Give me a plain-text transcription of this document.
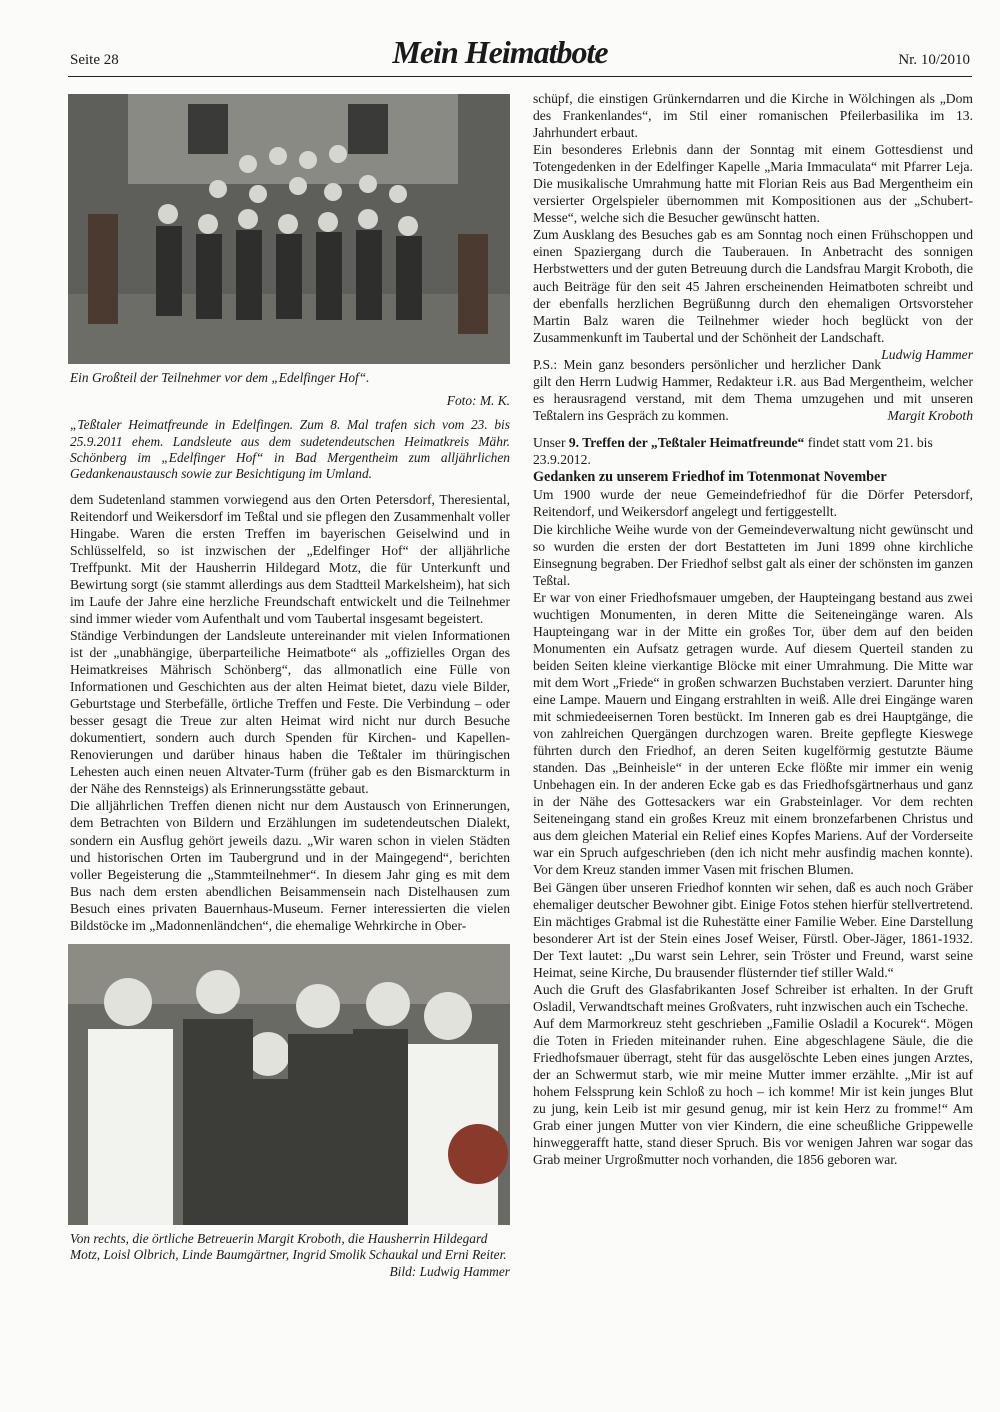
Seite 28	Mein Heimatbote	Nr. 10/2010
Ein Großteil der Teilnehmer vor dem „Edelfinger Hof“.
Foto: M. K.
„Teßtaler Heimatfreunde in Edelfingen. Zum 8. Mal trafen sich vom 23. bis 25.9.2011 ehem. Landsleute aus dem sudetendeutschen Heimatkreis Mähr. Schönberg im „Edelfinger Hof“ in Bad Mergentheim zum alljährlichen Gedankenaustausch sowie zur Besichtigung im Umland.

dem Sudetenland stammen vorwiegend aus den Orten Petersdorf, Theresiental, Reitendorf und Weikersdorf im Teßtal und sie pflegen den Zusammenhalt voller Hingabe. Waren die ersten Treffen im bayerischen Geiselwind und in Schlüsselfeld, so ist inzwischen der „Edelfinger Hof“ der alljährliche Treffpunkt. Mit der Hausherrin Hildegard Motz, die für Unterkunft und Bewirtung sorgt (sie stammt allerdings aus dem Stadtteil Markelsheim), hat sich im Laufe der Jahre eine herzliche Freundschaft entwickelt und die Teilnehmer sind immer wieder vom Aufenthalt und vom Taubertal insgesamt begeistert.

Ständige Verbindungen der Landsleute untereinander mit vielen Informationen ist der „unabhängige, überparteiliche Heimatbote“ als „offizielles Organ des Heimatkreises Mährisch Schönberg“, das allmonatlich eine Fülle von Informationen und Geschichten aus der alten Heimat bietet, dazu viele Bilder, Geburtstage und Sterbefälle, örtliche Treffen und Feste. Die Verbindung – oder besser gesagt die Treue zur alten Heimat wird nicht nur durch Besuche dokumentiert, sondern auch durch Spenden für Kirchen- und Kapellen-Renovierungen und darüber hinaus haben die Teßtaler im thüringischen Lehesten auch einen neuen Altvater-Turm (früher gab es den Bismarckturm in der Nähe des Rennsteigs) als Erinnerungsstätte gebaut.

Die alljährlichen Treffen dienen nicht nur dem Austausch von Erinnerungen, dem Betrachten von Bildern und Erzählungen im sudetendeutschen Dialekt, sondern ein Ausflug gehört jeweils dazu. „Wir waren schon in vielen Städten und historischen Orten im Taubergrund und in der Maingegend“, berichten voller Begeisterung die „Stammteilnehmer“. In diesem Jahr ging es mit dem Bus nach dem ersten abendlichen Beisammensein nach Distelhausen zum Besuch eines privaten Bauernhaus-Museum. Ferner interessierten die vielen Bildstöcke im „Madonnenländchen“, die ehemalige Wehrkirche in Ober-

Von rechts, die örtliche Betreuerin Margit Kroboth, die Hausherrin Hildegard Motz, Loisl Olbrich, Linde Baumgärtner, Ingrid Smolik Schaukal und Erni Reiter.
Bild: Ludwig Hammer

schüpf, die einstigen Grünkerndarren und die Kirche in Wölchingen als „Dom des Frankenlandes“, im Stil einer romanischen Pfeilerbasilika im 13. Jahrhundert erbaut.

Ein besonderes Erlebnis dann der Sonntag mit einem Gottesdienst und Totengedenken in der Edelfinger Kapelle „Maria Immaculata“ mit Pfarrer Leja. Die musikalische Umrahmung hatte mit Florian Reis aus Bad Mergentheim ein versierter Orgelspieler übernommen mit Kompositionen aus der „Schubert-Messe“, welche sich die Besucher gewünscht hatten.

Zum Ausklang des Besuches gab es am Sonntag noch einen Frühschoppen und einen Spaziergang durch die Tauberauen. In Anbetracht des sonnigen Herbstwetters und der guten Betreuung durch die Landsfrau Margit Kroboth, die auch Beiträge für den seit 45 Jahren erscheinenden Heimatboten schreibt und der ebenfalls herzlichen Begrüßunng durch den ehemaligen Ortsvorsteher Martin Balz waren die Teilnehmer wieder hoch beglückt von der Zusammenkunft im Taubertal und der Schönheit der Landschaft.
Ludwig Hammer

P.S.: Mein ganz besonders persönlicher und herzlicher Dank gilt den Herrn Ludwig Hammer, Redakteur i.R. aus Bad Mergentheim, welcher es herausragend verstand, mit dem Thema umzugehen und mit unseren Teßtalern ins Gespräch zu kommen.	Margit Kroboth
Unser 9. Treffen der „Teßtaler Heimatfreunde“ findet statt vom 21. bis 23.9.2012.
Gedanken zu unserem Friedhof im Totenmonat November

Um 1900 wurde der neue Gemeindefriedhof für die Dörfer Petersdorf, Reitendorf, und Weikersdorf angelegt und fertiggestellt.

Die kirchliche Weihe wurde von der Gemeindeverwaltung nicht gewünscht und so wurden die ersten der dort Bestatteten im Juni 1899 ohne kirchliche Einsegnung begraben. Der Friedhof selbst galt als einer der schönsten im ganzen Teßtal.

Er war von einer Friedhofsmauer umgeben, der Haupteingang bestand aus zwei wuchtigen Monumenten, in deren Mitte die Seiteneingänge waren. Als Haupteingang war in der Mitte ein großes Tor, über dem auf den beiden Monumenten ein Aufsatz getragen wurde. Auf diesem Querteil standen zu beiden Seiten kleine vierkantige Blöcke mit einer Umrahmung. Die Mitte war mit dem Wort „Friede“ in großen schwarzen Buchstaben verziert. Darunter hing eine Lampe. Mauern und Eingang erstrahlten in weiß. Alle drei Eingänge waren mit schmiedeeisernen Toren bestückt. Im Inneren gab es drei Hauptgänge, die von zahlreichen Quergängen durchzogen waren. Breite gepflegte Kieswege führten durch den Friedhof, an deren Seiten kugelförmig gestutzte Bäume standen. Das „Beinheisle“ in der unteren Ecke flößte mir immer ein wenig Unbehagen ein. In der anderen Ecke gab es das Friedhofsgärtnerhaus und ganz in der Nähe des Gottesackers war ein Grabsteinlager. Vor dem rechten Seiteneingang stand ein großes Kreuz mit einem bronzefarbenen Christus und aus dem gleichen Material ein Relief eines Kopfes Mariens. Auf der Vorderseite war ein Spruch aufgeschrieben (den ich nicht mehr ausfindig machen konnte). Vor dem Kreuz standen immer Vasen mit frischen Blumen.

Bei Gängen über unseren Friedhof konnten wir sehen, daß es auch noch Gräber ehemaliger deutscher Bewohner gibt. Einige Fotos stehen hierfür stellvertretend. Ein mächtiges Grabmal ist die Ruhestätte einer Familie Weber. Eine Darstellung besonderer Art ist der Stein eines Josef Weiser, Fürstl. Ober-Jäger, 1861-1932. Der Text lautet: „Du warst sein Lehrer, sein Tröster und Freund, warst seine Heimat, seine Kirche, Du brausender flüsternder tief stiller Wald.“

Auch die Gruft des Glasfabrikanten Josef Schreiber ist erhalten. In der Gruft Osladil, Verwandtschaft meines Großvaters, ruht inzwischen auch ein Tscheche.

Auf dem Marmorkreuz steht geschrieben „Familie Osladil a Kocurek“. Mögen die Toten in Frieden miteinander ruhen. Eine abgeschlagene Säule, die die Friedhofsmauer überragt, steht für das ausgelöschte Leben eines jungen Arztes, der an Schwermut starb, wie mir meine Mutter immer erzählte. „Mir ist auf hohem Felssprung kein Schloß zu hoch – ich komme! Mir ist kein junges Blut zu jung, kein Leib ist mir gesund genug, mir ist kein Herz zu fromme!“ Am Grab einer jungen Mutter von vier Kindern, die eine scheußliche Grippewelle hinweggerafft hatte, stand dieser Spruch. Bis vor wenigen Jahren war sogar das Grab meiner Urgroßmutter noch vorhanden, die 1856 geboren war.
